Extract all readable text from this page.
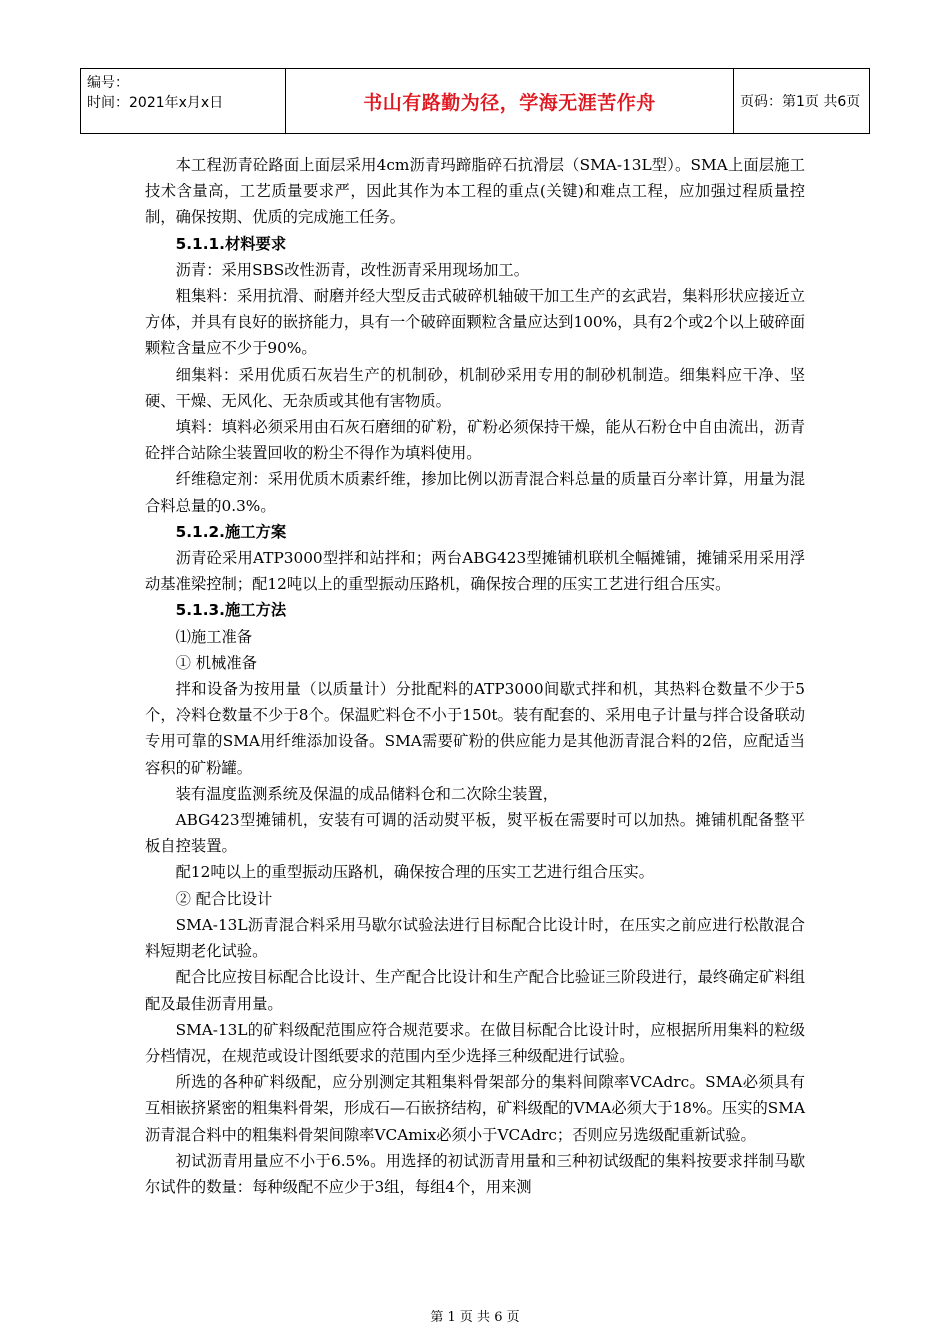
编号：
时间：2021年x月x日	书山有路勤为径，学海无涯苦作舟	页码：第1页 共6页

本工程沥青砼路面上面层采用4cm沥青玛蹄脂碎石抗滑层（SMA-13L型）。SMA上面层施工技术含量高，工艺质量要求严，因此其作为本工程的重点(关键)和难点工程，应加强过程质量控制，确保按期、优质的完成施工任务。

5.1.1.材料要求

沥青：采用SBS改性沥青，改性沥青采用现场加工。

粗集料：采用抗滑、耐磨并经大型反击式破碎机轴破干加工生产的玄武岩，集料形状应接近立方体，并具有良好的嵌挤能力，具有一个破碎面颗粒含量应达到100%，具有2个或2个以上破碎面颗粒含量应不少于90%。

细集料：采用优质石灰岩生产的机制砂，机制砂采用专用的制砂机制造。细集料应干净、坚硬、干燥、无风化、无杂质或其他有害物质。

填料：填料必须采用由石灰石磨细的矿粉，矿粉必须保持干燥，能从石粉仓中自由流出，沥青砼拌合站除尘装置回收的粉尘不得作为填料使用。

纤维稳定剂：采用优质木质素纤维，掺加比例以沥青混合料总量的质量百分率计算，用量为混合料总量的0.3%。

5.1.2.施工方案

沥青砼采用ATP3000型拌和站拌和；两台ABG423型摊铺机联机全幅摊铺，摊铺采用采用浮动基准梁控制；配12吨以上的重型振动压路机，确保按合理的压实工艺进行组合压实。

5.1.3.施工方法

⑴施工准备

① 机械准备

拌和设备为按用量（以质量计）分批配料的ATP3000间歇式拌和机，其热料仓数量不少于5个，冷料仓数量不少于8个。保温贮料仓不小于150t。装有配套的、采用电子计量与拌合设备联动专用可靠的SMA用纤维添加设备。SMA需要矿粉的供应能力是其他沥青混合料的2倍，应配适当容积的矿粉罐。

装有温度监测系统及保温的成品储料仓和二次除尘装置，

ABG423型摊铺机，安装有可调的活动熨平板，熨平板在需要时可以加热。摊铺机配备整平板自控装置。

配12吨以上的重型振动压路机，确保按合理的压实工艺进行组合压实。

② 配合比设计

SMA-13L沥青混合料采用马歇尔试验法进行目标配合比设计时，在压实之前应进行松散混合料短期老化试验。

配合比应按目标配合比设计、生产配合比设计和生产配合比验证三阶段进行，最终确定矿料组配及最佳沥青用量。

SMA-13L的矿料级配范围应符合规范要求。在做目标配合比设计时，应根据所用集料的粒级分档情况，在规范或设计图纸要求的范围内至少选择三种级配进行试验。

所选的各种矿料级配，应分别测定其粗集料骨架部分的集料间隙率VCAdrc。SMA必须具有互相嵌挤紧密的粗集料骨架，形成石—石嵌挤结构，矿料级配的VMA必须大于18%。压实的SMA沥青混合料中的粗集料骨架间隙率VCAmix必须小于VCAdrc；否则应另选级配重新试验。

初试沥青用量应不小于6.5%。用选择的初试沥青用量和三种初试级配的集料按要求拌制马歇尔试件的数量：每种级配不应少于3组，每组4个，用来测

第 1 页 共 6 页
